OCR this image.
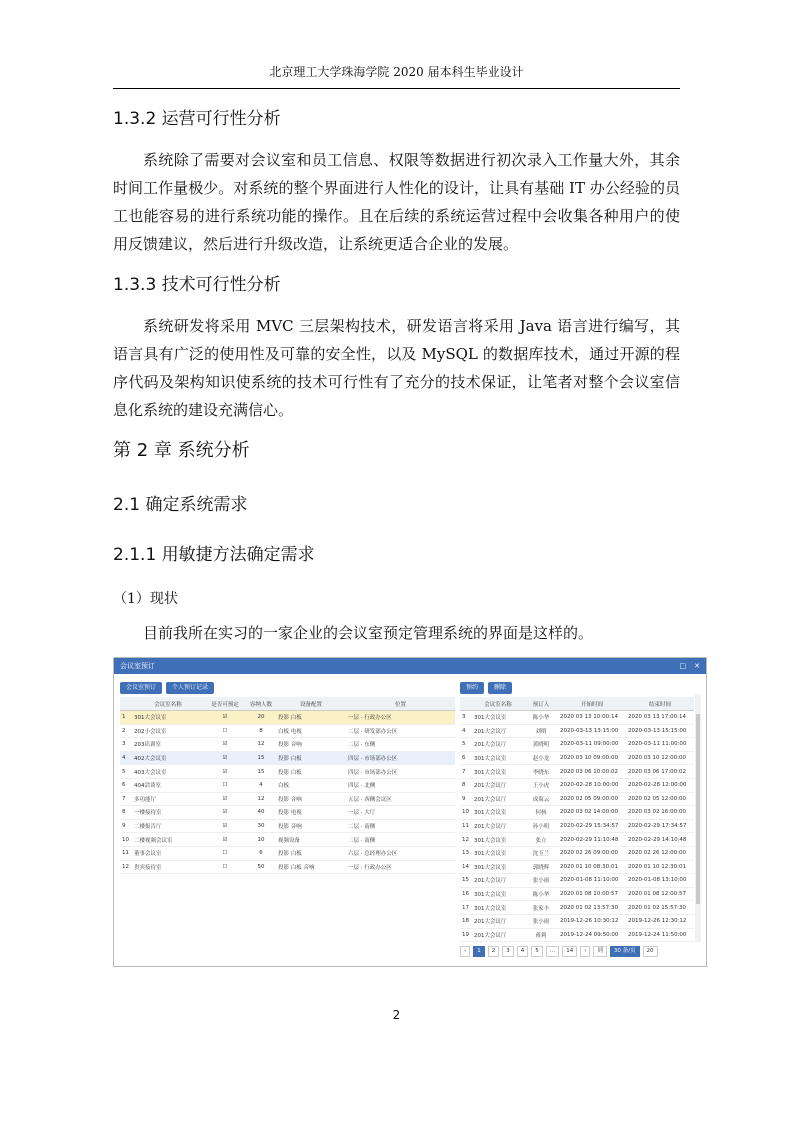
北京理工大学珠海学院 2020 届本科生毕业设计
1.3.2 运营可行性分析
系统除了需要对会议室和员工信息、权限等数据进行初次录入工作量大外，其余时间工作量极少。对系统的整个界面进行人性化的设计，让具有基础 IT 办公经验的员工也能容易的进行系统功能的操作。且在后续的系统运营过程中会收集各种用户的使用反馈建议，然后进行升级改造，让系统更适合企业的发展。
1.3.3 技术可行性分析
系统研发将采用 MVC 三层架构技术，研发语言将采用 Java 语言进行编写，其语言具有广泛的使用性及可靠的安全性，以及 MySQL 的数据库技术，通过开源的程序代码及架构知识使系统的技术可行性有了充分的技术保证，让笔者对整个会议室信息化系统的建设充满信心。
第 2 章 系统分析
2.1 确定系统需求
2.1.1 用敏捷方法确定需求
（1）现状
目前我所在实习的一家企业的会议室预定管理系统的界面是这样的。
会议室预订	□ ✕
会议室预订	个人预订记录
	会议室名称	是否可预定	容纳人数	设备配置	位置
1	301大会议室	☑	20	投影 白板	一层 · 行政办公区
2	202小会议室	☐	8	白板 电视	二层 · 研发部办公区
3	203培训室	☑	12	投影 音响	二层 · 东侧
4	402大会议室	☑	15	投影 白板	四层 · 市场部办公区
5	403大会议室	☑	15	投影 白板	四层 · 市场部办公区
6	404洽谈室	☐	4	白板	四层 · 北侧
7	多功能厅	☑	12	投影 音响	五层 · 西侧会议区
8	一楼接待室	☑	40	投影 电视	一层 · 大厅
9	二楼报告厅	☑	30	投影 音响	二层 · 南侧
10	二楼视频会议室	☑	10	视频设备	二层 · 南侧
11	董事会议室	☐	6	投影 白板	六层 · 总经理办公区
12	贵宾接待室	☐	50	投影 白板 音响	一层 · 行政办公区
预约	删除
	会议室名称	预订人	开始时间	结束时间
3	301大会议室	陈小华	2020 03 13 10:00:14	2020 03 13 17:00:14
4	201大会议厅	刘明	2020-03-13 13:15:00	2020-03-13 15:15:00
5	201大会议厅	黄晓明	2020-03-11 09:00:00	2020-03-11 11:00:00
6	301大会议室	赵小龙	2020 03 10 09:00:00	2020 03 10 12:00:00
7	301大会议室	李晓东	2020 03 06 10:00:02	2020 03 06 17:00:02
8	201大会议厅	王小虎	2020-02-28 10:00:00	2020-02-28 12:00:00
9	201大会议厅	成海云	2020 02 05 09:00:00	2020 02 05 12:00:00
10	301大会议室	何杨	2020 03 02 14:00:00	2020 03 02 16:00:00
11	201大会议厅	孙小明	2020-02-29 15:34:57	2020-02-29 17:34:57
12	301大会议室	张立	2020-02-29 11:10:48	2020-02-29 14:10:48
13	301大会议室	沈玉兰	2020 02 26 09:00:00	2020 02 26 12:00:00
14	301大会议室	郭晓辉	2020 01 10 08:30:01	2020 01 10 12:30:01
15	201大会议厅	张小雨	2020-01-08 11:10:00	2020-01-08 13:10:00
16	301大会议室	陈小华	2020 01 08 10:00:57	2020 01 08 12:00:57
17	301大会议室	张家丰	2020 01 02 13:57:30	2020 01 02 15:57:30
18	201大会议厅	张小雨	2019-12-26 10:30:12	2019-12-26 12:30:12
19	201大会议厅	蒋莉	2019-12-24 09:50:00	2019-12-24 11:50:00
‹	1	2	3	4	5	…	14	›	到	30 条/页	20
2
